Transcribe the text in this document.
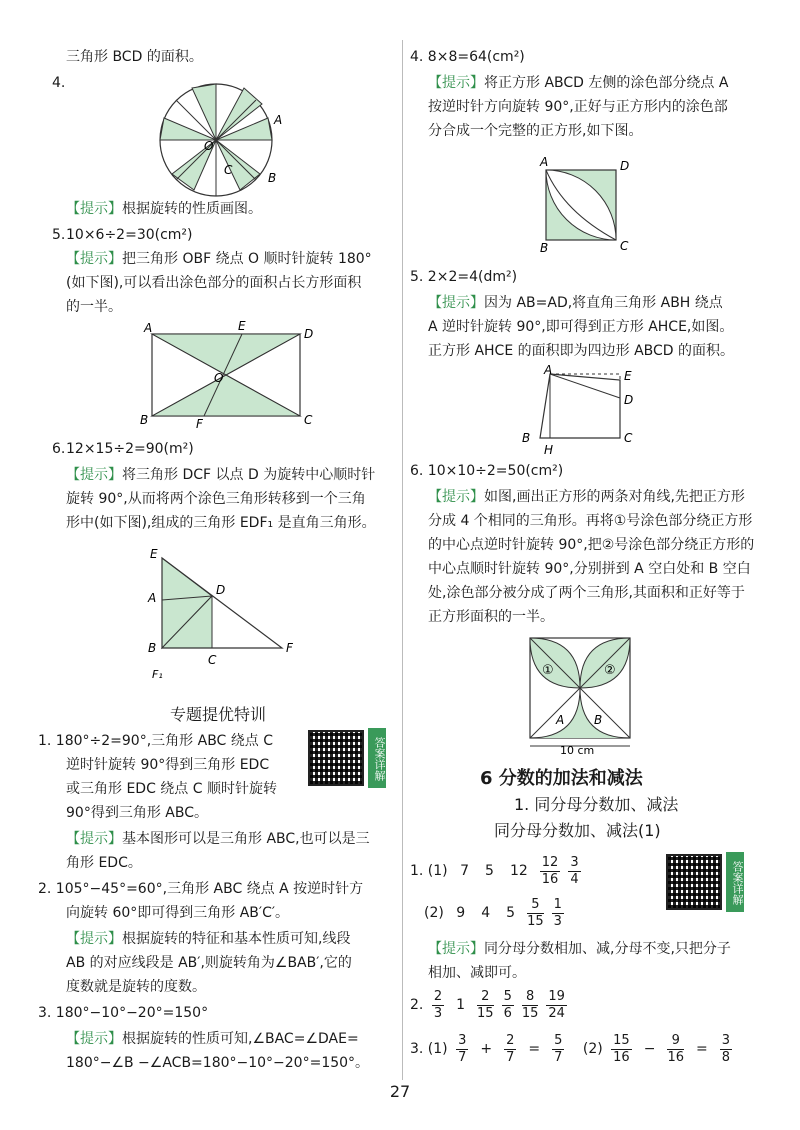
三角形 BCD 的面积。
4.
A
O
C
B
【提示】根据旋转的性质画图。
5. 10×6÷2=30(cm²)
【提示】把三角形 OBF 绕点 O 顺时针旋转 180°
(如下图),可以看出涂色部分的面积占长方形面积
的一半。
A	E
D
O
B	F	C
6. 12×15÷2=90(m²)
【提示】将三角形 DCF 以点 D 为旋转中心顺时针
旋转 90°,从而将两个涂色三角形转移到一个三角
形中(如下图),组成的三角形 EDF₁ 是直角三角形。
E
D
A
B
C
F
F₁
专题提优特训
1. 180°÷2=90°,三角形 ABC 绕点 C
逆时针旋转 90°得到三角形 EDC
或三角形 EDC 绕点 C 顺时针旋转
90°得到三角形 ABC。
答案详解
【提示】基本图形可以是三角形 ABC,也可以是三
角形 EDC。
2. 105°−45°=60°,三角形 ABC 绕点 A 按逆时针方
向旋转 60°即可得到三角形 AB′C′。
【提示】根据旋转的特征和基本性质可知,线段
AB 的对应线段是 AB′,则旋转角为∠BAB′,它的
度数就是旋转的度数。
3. 180°−10°−20°=150°
【提示】根据旋转的性质可知,∠BAC=∠DAE=
180°−∠B −∠ACB=180°−10°−20°=150°。
4. 8×8=64(cm²)
【提示】将正方形 ABCD 左侧的涂色部分绕点 A
按逆时针方向旋转 90°,正好与正方形内的涂色部
分合成一个完整的正方形,如下图。
A	D
B	C
5. 2×2=4(dm²)
【提示】因为 AB=AD,将直角三角形 ABH 绕点
A 逆时针旋转 90°,即可得到正方形 AHCE,如图。
正方形 AHCE 的面积即为四边形 ABCD 的面积。
A	E
D
B
H
C
6. 10×10÷2=50(cm²)
【提示】如图,画出正方形的两条对角线,先把正方形
分成 4 个相同的三角形。再将①号涂色部分绕正方形
的中心点逆时针旋转 90°,把②号涂色部分绕正方形的
中心点顺时针旋转 90°,分别拼到 A 空白处和 B 空白
处,涂色部分被分成了两个三角形,其面积和正好等于
正方形面积的一半。
①	②
A B
10 cm
6 分数的加法和减法
1. 同分母分数加、减法
同分母分数加、减法(1)
1. (1) 7 5 $12 \frac{12}{16} \frac{3}{4}$
(2) 9 4 $5 \frac{5}{15} \frac{1}{3}$
答案详解
【提示】同分母分数相加、减,分母不变,只把分子
相加、减即可。
2. $\frac{2}{3} 1 \frac{2}{15} \frac{5}{6} \frac{8}{15} \frac{19}{24}$
3. $(1) \frac{3}{7} + \frac{2}{7} = \frac{5}{7} (2) \frac{15}{16} - \frac{9}{16} = \frac{3}{8}$
27
